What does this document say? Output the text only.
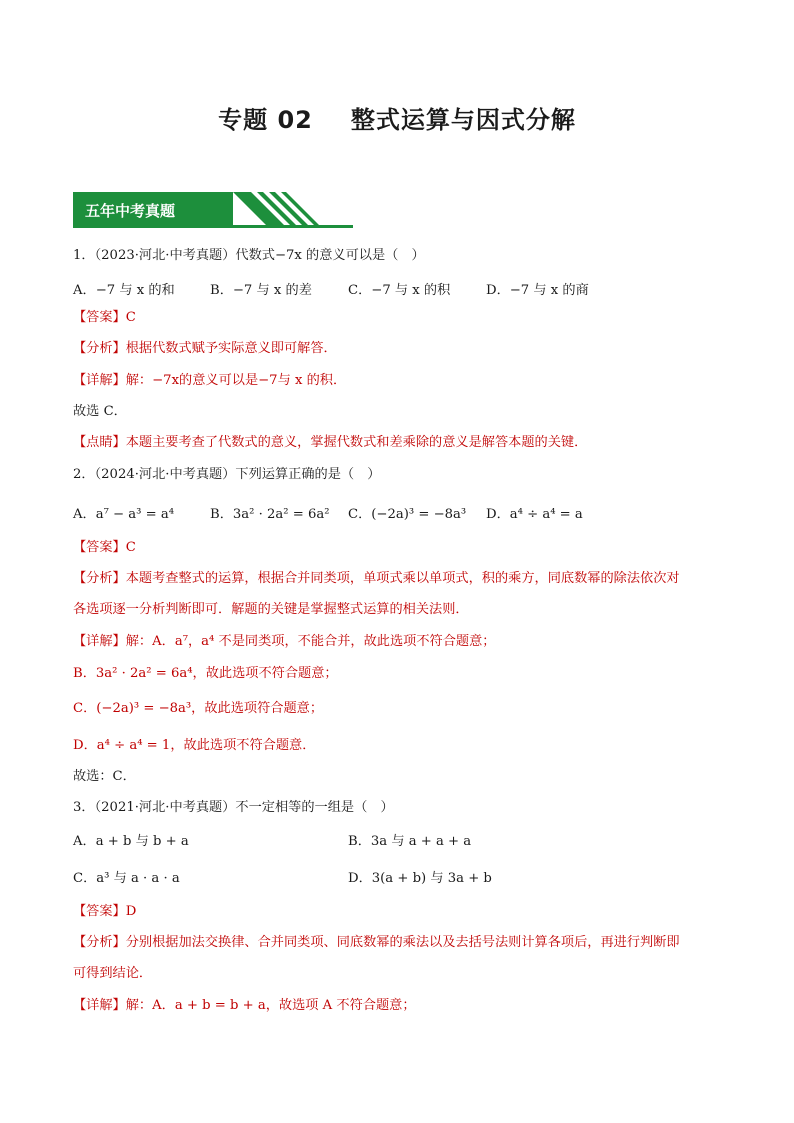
专题 02 整式运算与因式分解
五年中考真题
1．（2023·河北·中考真题）代数式−7x 的意义可以是（　）
A．−7 与 x 的和	B．−7 与 x 的差	C．−7 与 x 的积	D．−7 与 x 的商
【答案】C
【分析】根据代数式赋予实际意义即可解答．
【详解】解：−7x的意义可以是−7与 x 的积．
故选 C．
【点睛】本题主要考查了代数式的意义，掌握代数式和差乘除的意义是解答本题的关键．
2．（2024·河北·中考真题）下列运算正确的是（　）
A．a⁷ − a³ = a⁴	B．3a² · 2a² = 6a² C．(−2a)³ = −8a³ D．a⁴ ÷ a⁴ = a
【答案】C
【分析】本题考查整式的运算，根据合并同类项，单项式乘以单项式，积的乘方，同底数幂的除法依次对
各选项逐一分析判断即可．解题的关键是掌握整式运算的相关法则．
【详解】解：A．a⁷，a⁴ 不是同类项，不能合并，故此选项不符合题意；
B．3a² · 2a² = 6a⁴，故此选项不符合题意；
C．(−2a)³ = −8a³，故此选项符合题意；
D．a⁴ ÷ a⁴ = 1，故此选项不符合题意．
故选：C．
3．（2021·河北·中考真题）不一定相等的一组是（　）
A．a + b 与 b + a	B．3a 与 a + a + a
C．a³ 与 a · a · a	D．3(a + b) 与 3a + b
【答案】D
【分析】分别根据加法交换律、合并同类项、同底数幂的乘法以及去括号法则计算各项后，再进行判断即
可得到结论．
【详解】解：A．a + b = b + a，故选项 A 不符合题意；
